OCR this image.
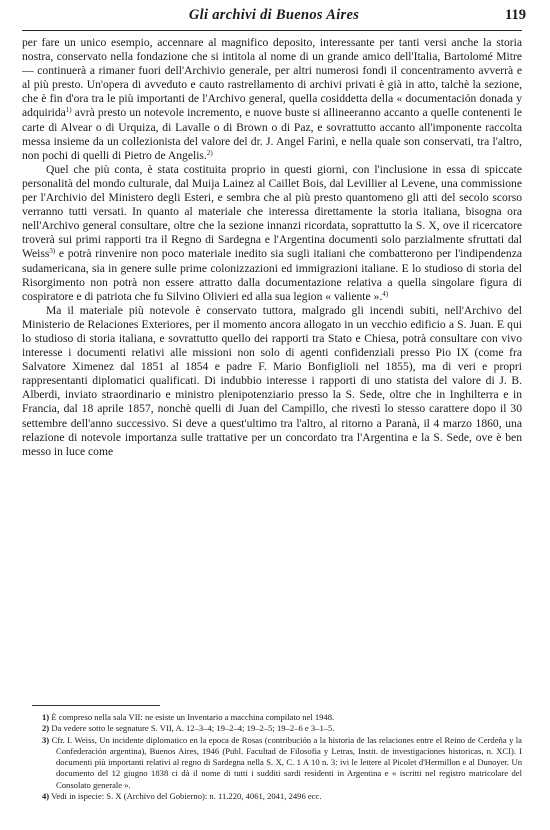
Gli archivi di Buenos Aires	119

per fare un unico esempio, accennare al magnifico deposito, interessante per tanti versi anche la storia nostra, conservato nella fondazione che si intitola al nome di un grande amico dell'Italia, Bartolomé Mitre — continuerà a rimaner fuori dell'Archivio generale, per altri numerosi fondi il concentramento avverrà e al più presto. Un'opera di avveduto e cauto rastrellamento di archivi privati è già in atto, talchè la sezione, che è fin d'ora tra le più importanti de l'Archivo general, quella cosiddetta della « documentación donada y adquirida$^{1)}$ avrà presto un notevole incremento, e nuove buste si allineeranno accanto a quelle contenenti le carte di Alvear o di Urquiza, di Lavalle o di Brown o di Paz, e sovrattutto accanto all'imponente raccolta messa insieme da un collezionista del valore del dr. J. Angel Farinì, e nella quale son conservati, tra l'altro, non pochi di quelli di Pietro de Angelis.$^{2)}$

Quel che più conta, è stata costituita proprio in questi giorni, con l'inclusione in essa di spiccate personalità del mondo culturale, dal Muija Lainez al Caillet Bois, dal Levillier al Levene, una commissione per l'Archivio del Ministero degli Esteri, e sembra che al più presto quantomeno gli atti del secolo scorso verranno tutti versati. In quanto al materiale che interessa direttamente la storia italiana, bisogna ora nell'Archivo general consultare, oltre che la sezione innanzi ricordata, soprattutto la S. X, ove il ricercatore troverà sui primi rapporti tra il Regno di Sardegna e l'Argentina documenti solo parzialmente sfruttati dal Weiss$^{3)}$ e potrà rinvenire non poco materiale inedito sia sugli italiani che combatterono per l'indipendenza sudamericana, sia in genere sulle prime colonizzazioni ed immigrazioni italiane. E lo studioso di storia del Risorgimento non potrà non essere attratto dalla documentazione relativa a quella singolare figura di cospiratore e di patriota che fu Silvino Olivieri ed alla sua legion « valiente ».$^{4)}$

Ma il materiale più notevole è conservato tuttora, malgrado gli incendi subiti, nell'Archivo del Ministerio de Relaciones Exteriores, per il momento ancora allogato in un vecchio edificio a S. Juan. E qui lo studioso di storia italiana, e sovrattutto quello dei rapporti tra Stato e Chiesa, potrà consultare con vivo interesse i documenti relativi alle missioni non solo di agenti confidenziali presso Pio IX (come fra Salvatore Ximenez dal 1851 al 1854 e padre F. Mario Bonfiglioli nel 1855), ma di veri e propri rappresentanti diplomatici qualificati. Di indubbio interesse i rapporti di uno statista del valore di J. B. Alberdi, inviato straordinario e ministro plenipotenziario presso la S. Sede, oltre che in Inghilterra e in Francia, dal 18 aprile 1857, nonchè quelli di Juan del Campillo, che rivestì lo stesso carattere dopo il 30 settembre dell'anno successivo. Si deve a quest'ultimo tra l'altro, al ritorno a Paranà, il 4 marzo 1860, una relazione di notevole importanza sulle trattative per un concordato tra l'Argentina e la S. Sede, ove è ben messo in luce come

1) È compreso nella sala VII: ne esiste un Inventario a macchina compilato nel 1948.

2) Da vedere sotto le segnature S. VII, A. 12–3–4; 19–2–4; 19–2–5; 19–2–6 e 3–1–5.

3) Cfr. I. Weiss, Un incidente diplomatico en la epoca de Rosas (contribución a la historia de las relaciones entre el Reino de Cerdeña y la Confederación argentina), Buenos Aires, 1946 (Publ. Facultad de Filosofia y Letras, Instit. de investigaciones historicas, n. XCI). I documenti più importanti relativi al regno di Sardegna nella S. X, C. 1 A 10 n. 3: ivi le lettere al Picolet d'Hermillon e al Dunoyer. Un documento del 12 giugno 1838 ci dà il nome di tutti i sudditi sardi residenti in Argentina e « iscritti nel registro matricolare del Consolato generale ».

4) Vedi in ispecie: S. X (Archivo del Gobierno): n. 11.220, 4061, 2041, 2496 ecc.
